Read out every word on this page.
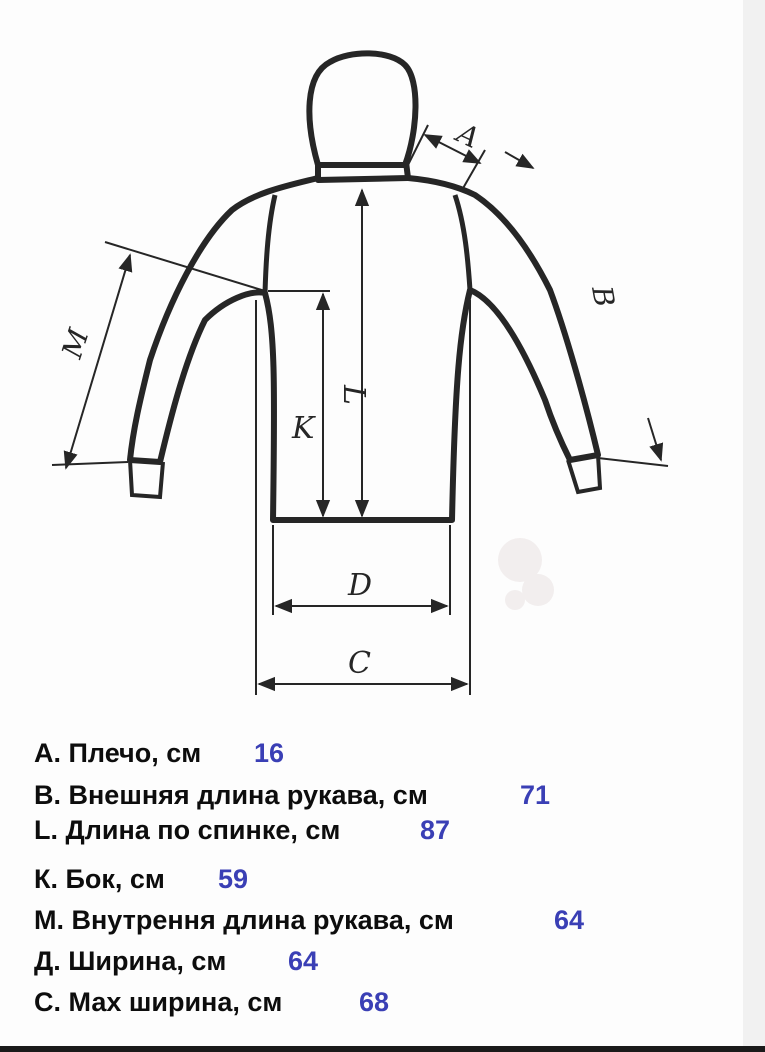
L
K
D
C
M
A
B
А. Плечо, см 16
В. Внешняя длина рукава, см	71
L. Длина по спинке, см	87
К. Бок, см 59
М. Внутрення длина рукава, см	64
Д. Ширина, см 64
С. Мах ширина, см	68
